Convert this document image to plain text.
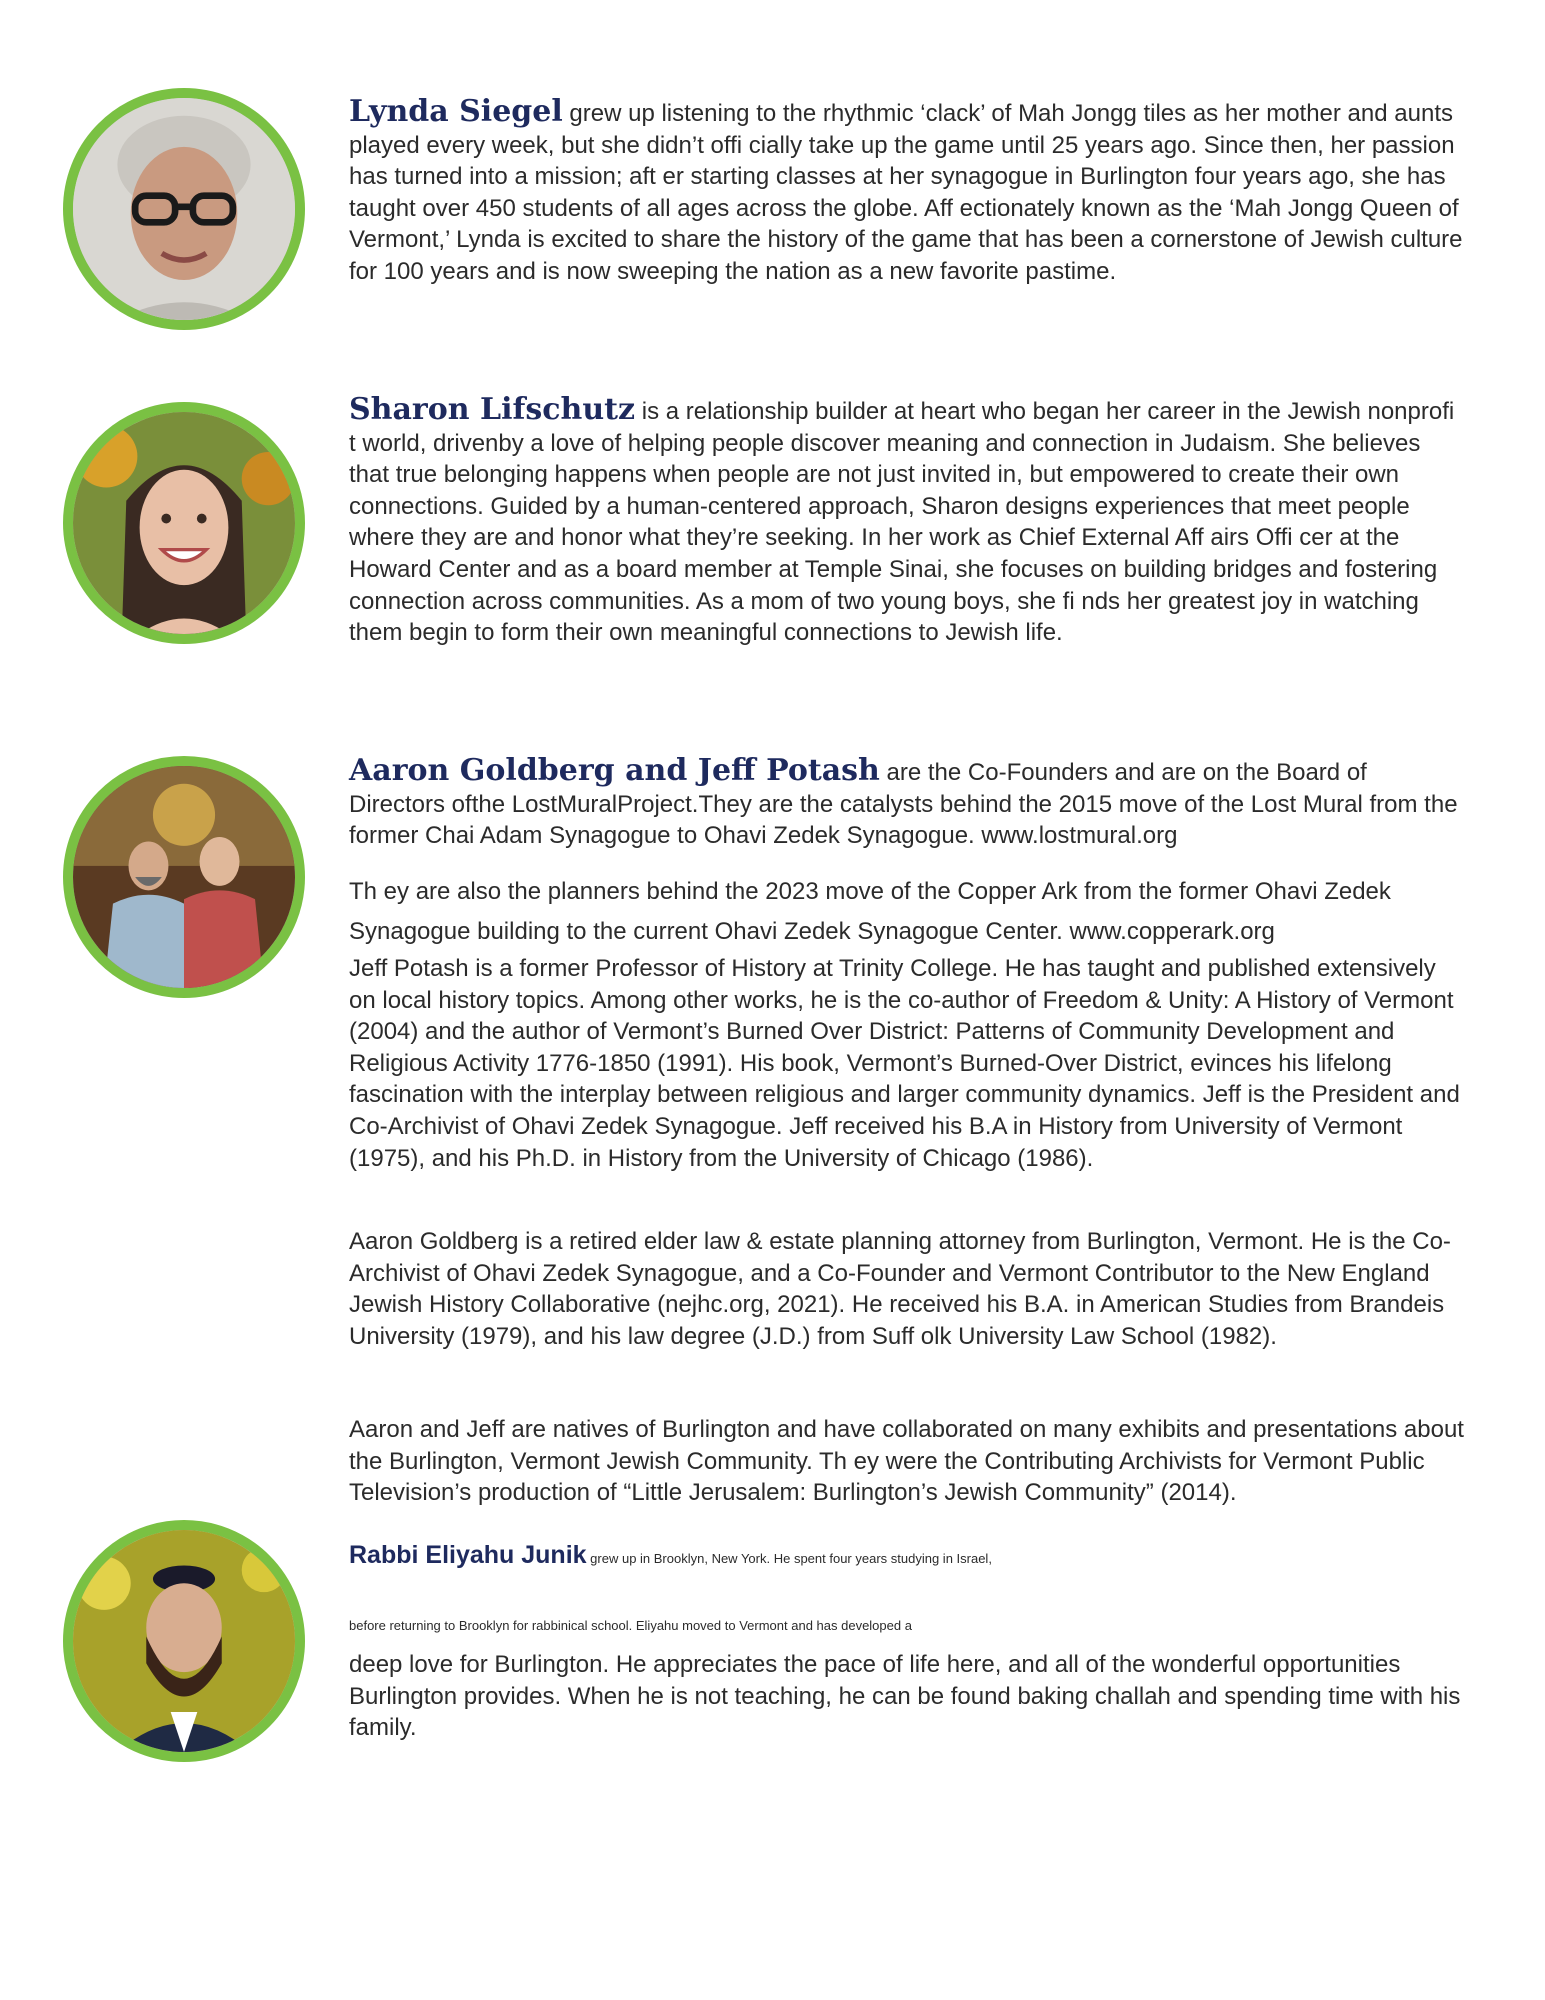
Lynda Siegel grew up listening to the rhythmic ‘clack’ of Mah Jongg tiles as her mother and aunts played every week, but she didn’t offi cially take up the game until 25 years ago. Since then, her passion has turned into a mission; aft er starting classes at her synagogue in Burlington four years ago, she has taught over 450 students of all ages across the globe. Aff ectionately known as the ‘Mah Jongg Queen of Vermont,’ Lynda is excited to share the history of the game that has been a cornerstone of Jewish culture for 100 years and is now sweeping the nation as a new favorite pastime.

Sharon Lifschutz is a relationship builder at heart who began her career in the Jewish nonprofi t world, drivenby a love of helping people discover meaning and connection in Judaism. She believes that true belonging happens when people are not just invited in, but empowered to create their own connections. Guided by a human-centered approach, Sharon designs experiences that meet people where they are and honor what they’re seeking. In her work as Chief External Aff airs Offi cer at the Howard Center and as a board member at Temple Sinai, she focuses on building bridges and fostering connection across communities. As a mom of two young boys, she fi nds her greatest joy in watching them begin to form their own meaningful connections to Jewish life.

Aaron Goldberg and Jeff Potash are the Co-Founders and are on the Board of Directors ofthe LostMuralProject.They are the catalysts behind the 2015 move of the Lost Mural from the former Chai Adam Synagogue to Ohavi Zedek Synagogue. www.lostmural.org

Th ey are also the planners behind the 2023 move of the Copper Ark from the former Ohavi Zedek Synagogue building to the current Ohavi Zedek Synagogue Center. www.copperark.org

Jeff Potash is a former Professor of History at Trinity College. He has taught and published extensively on local history topics. Among other works, he is the co-author of Freedom & Unity: A History of Vermont (2004) and the author of Vermont’s Burned Over District: Patterns of Community Development and Religious Activity 1776-1850 (1991). His book, Vermont’s Burned-Over District, evinces his lifelong fascination with the interplay between religious and larger community dynamics. Jeff is the President and Co-Archivist of Ohavi Zedek Synagogue. Jeff received his B.A in History from University of Vermont (1975), and his Ph.D. in History from the University of Chicago (1986).

Aaron Goldberg is a retired elder law & estate planning attorney from Burlington, Vermont. He is the Co-Archivist of Ohavi Zedek Synagogue, and a Co-Founder and Vermont Contributor to the New England Jewish History Collaborative (nejhc.org, 2021). He received his B.A. in American Studies from Brandeis University (1979), and his law degree (J.D.) from Suff olk University Law School (1982).

Aaron and Jeff are natives of Burlington and have collaborated on many exhibits and presentations about the Burlington, Vermont Jewish Community. Th ey were the Contributing Archivists for Vermont Public Television’s production of “Little Jerusalem: Burlington’s Jewish Community” (2014).

Rabbi Eliyahu Junik grew up in Brooklyn, New York. He spent four years studying in Israel,

before returning to Brooklyn for rabbinical school. Eliyahu moved to Vermont and has developed a

deep love for Burlington. He appreciates the pace of life here, and all of the wonderful opportunities Burlington provides. When he is not teaching, he can be found baking challah and spending time with his family.
